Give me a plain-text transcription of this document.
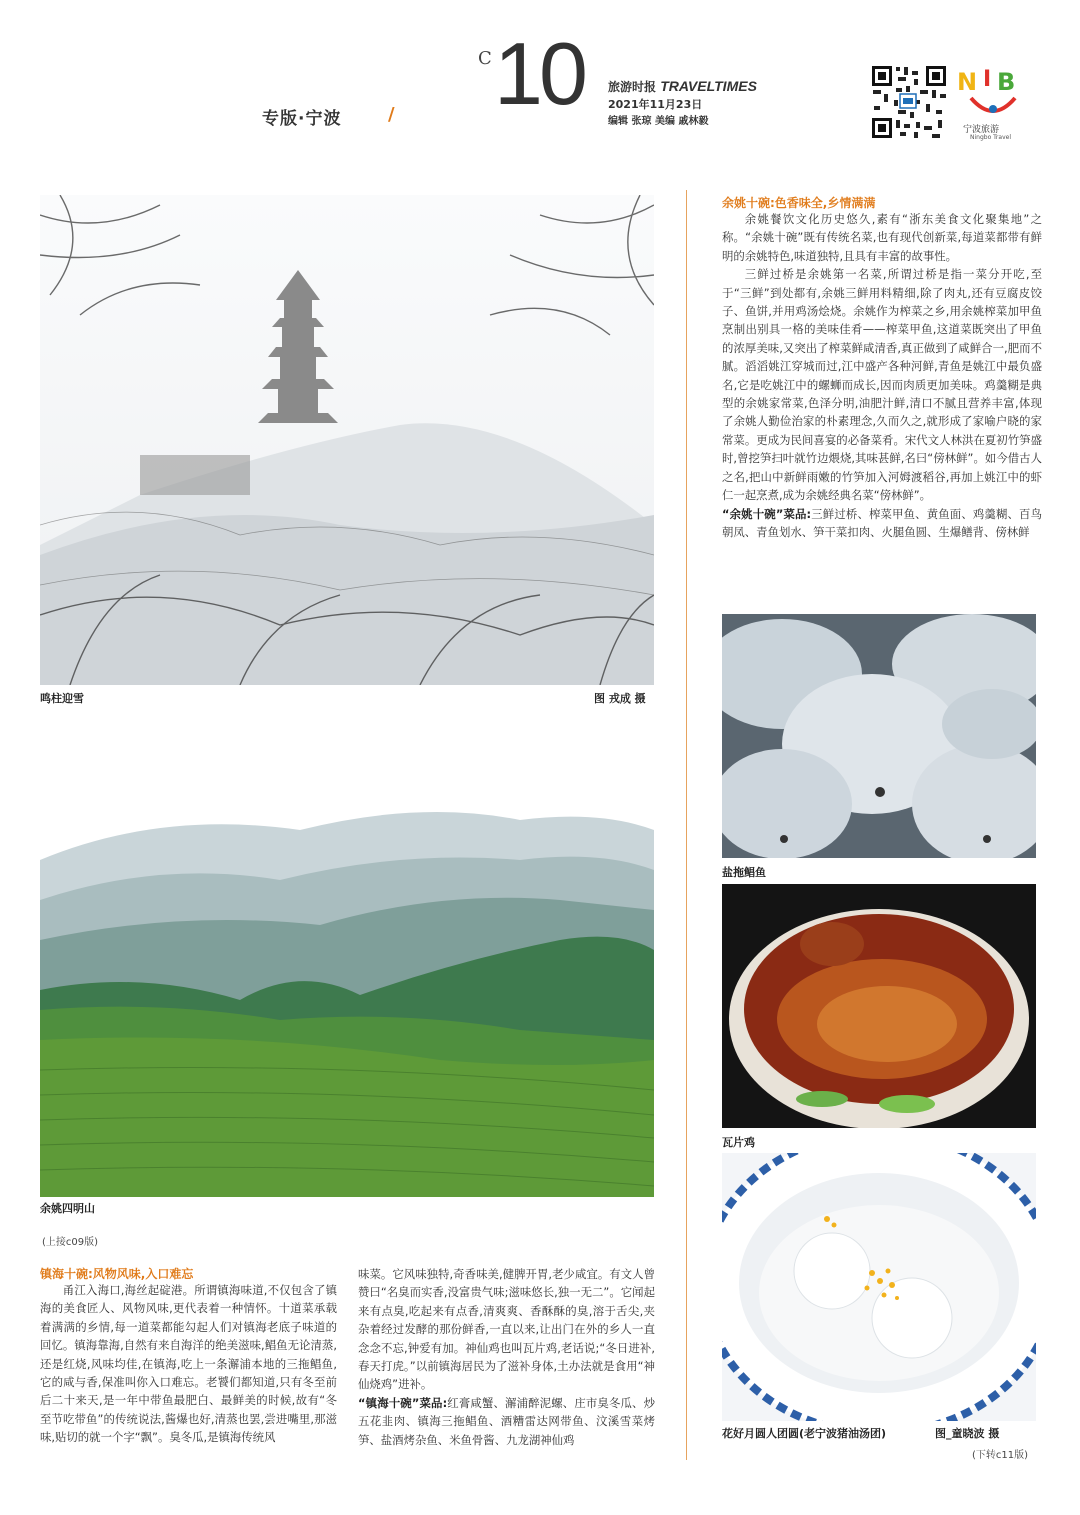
专版·宁波	/
C 10 旅游时报 TRAVELTIMES
2021年11月23日
编辑 张琼 美编 戚林毅
N I B
宁波旅游
Ningbo Travel
鸣柱迎雪	图 戎成 摄
余姚四明山
余姚十碗:色香味全,乡情满满

余姚餐饮文化历史悠久,素有“浙东美食文化聚集地”之称。“余姚十碗”既有传统名菜,也有现代创新菜,每道菜都带有鲜明的余姚特色,味道独特,且具有丰富的故事性。

三鲜过桥是余姚第一名菜,所谓过桥是指一菜分开吃,至于“三鲜”到处都有,余姚三鲜用料精细,除了肉丸,还有豆腐皮饺子、鱼饼,并用鸡汤烩烧。余姚作为榨菜之乡,用余姚榨菜加甲鱼烹制出别具一格的美味佳肴——榨菜甲鱼,这道菜既突出了甲鱼的浓厚美味,又突出了榨菜鲜咸清香,真正做到了咸鲜合一,肥而不腻。滔滔姚江穿城而过,江中盛产各种河鲜,青鱼是姚江中最负盛名,它是吃姚江中的螺蛳而成长,因而肉质更加美味。鸡羹糊是典型的余姚家常菜,色泽分明,油肥汁鲜,清口不腻且营养丰富,体现了余姚人勤俭治家的朴素理念,久而久之,就形成了家喻户晓的家常菜。更成为民间喜宴的必备菜肴。宋代文人林洪在夏初竹笋盛时,曾挖笋扫叶就竹边煨烧,其味甚鲜,名曰“傍林鲜”。如今借古人之名,把山中新鲜雨嫩的竹笋加入河姆渡稻谷,再加上姚江中的虾仁一起烹煮,成为余姚经典名菜“傍林鲜”。

“余姚十碗”菜品:三鲜过桥、榨菜甲鱼、黄鱼面、鸡羹糊、百鸟朝凤、青鱼划水、笋干菜扣肉、火腿鱼圆、生爆鳝背、傍林鲜

盐拖鲳鱼
瓦片鸡
花好月圆人团圆(老宁波猪油汤团)	图_童晓波 摄
(下转c11版)
(上接c09版)
镇海十碗:风物风味,入口难忘

甬江入海口,海丝起碇港。所谓镇海味道,不仅包含了镇海的美食匠人、风物风味,更代表着一种情怀。十道菜承载着满满的乡情,每一道菜都能勾起人们对镇海老底子味道的回忆。镇海靠海,自然有来自海洋的绝美滋味,鲳鱼无论清蒸,还是红烧,风味均佳,在镇海,吃上一条澥浦本地的三拖鲳鱼,它的咸与香,保准叫你入口难忘。老饕们都知道,只有冬至前后二十来天,是一年中带鱼最肥白、最鲜美的时候,故有“冬至节吃带鱼”的传统说法,酱爆也好,清蒸也罢,尝进嘴里,那滋味,贴切的就一个字“飘”。臭冬瓜,是镇海传统风

味菜。它风味独特,奇香味美,健脾开胃,老少咸宜。有文人曾赞曰“名臭而实香,没富贵气味;滋味悠长,独一无二”。它闻起来有点臭,吃起来有点香,清爽爽、香酥酥的臭,溶于舌尖,夹杂着经过发酵的那份鲜香,一直以来,让出门在外的乡人一直念念不忘,钟爱有加。神仙鸡也叫瓦片鸡,老话说;“冬日进补,春天打虎。”以前镇海居民为了滋补身体,土办法就是食用“神仙烧鸡”进补。

“镇海十碗”菜品:红膏咸蟹、澥浦醉泥螺、庄市臭冬瓜、炒五花韭肉、镇海三拖鲳鱼、酒糟雷达网带鱼、汶溪雪菜烤笋、盐酒烤杂鱼、米鱼骨酱、九龙湖神仙鸡
